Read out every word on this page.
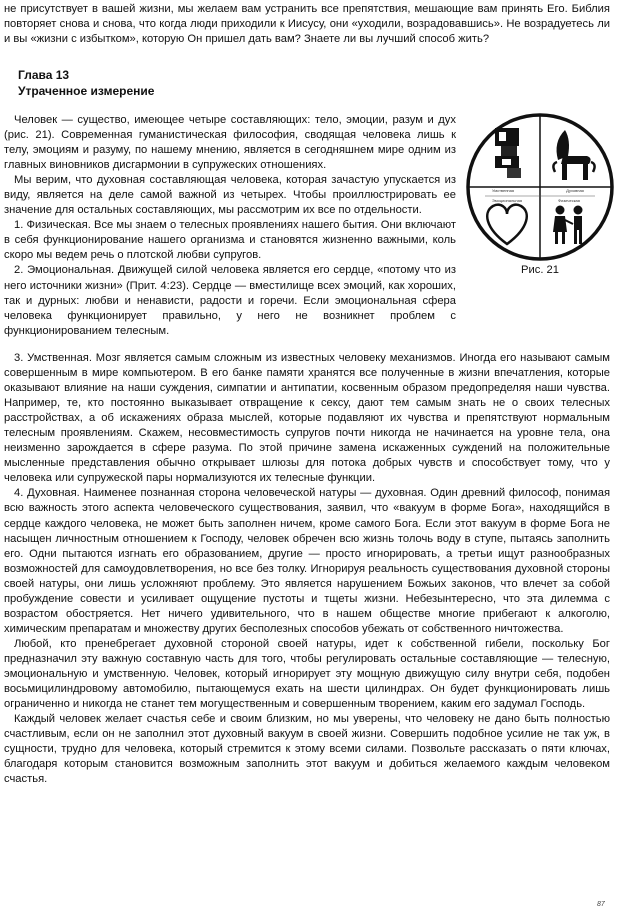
не присутствует в вашей жизни, мы желаем вам устранить все препятствия, мешающие вам принять Его. Библия повторяет снова и снова, что когда люди приходили к Иисусу, они «уходили, возрадовавшись». Не возрадуетесь ли и вы «жизни с избытком», которую Он пришел дать вам? Знаете ли вы лучший способ жить?

Глава 13
Утраченное измерение

Человек — существо, имеющее четыре составляющих: тело, эмоции, разум и дух (рис. 21). Современная гуманистическая философия, сводящая человека лишь к телу, эмоциям и разуму, по нашему мнению, является в сегодняшнем мире одним из главных виновников дисгармонии в супружеских отношениях.

Мы верим, что духовная составляющая человека, которая зачастую упускается из виду, является на деле самой важной из четырех. Чтобы проиллюстрировать ее значение для остальных составляющих, мы рассмотрим их все по отдельности.

1. Физическая. Все мы знаем о телесных проявлениях нашего бытия. Они включают в себя функционирование нашего организма и становятся жизненно важными, коль скоро мы ведем речь о плотской любви супругов.

2. Эмоциональная. Движущей силой человека является его сердце, «потому что из него источники жизни» (Прит. 4:23). Сердце — вместилище всех эмоций, как хороших, так и дурных: любви и ненависти, радости и горечи. Если эмоциональная сфера человека функционирует правильно, у него не возникнет проблем с функционированием телесным.

Умственная	Духовная
Эмоциональная	Физическая
Рис. 21

3. Умственная. Мозг является самым сложным из известных человеку механизмов. Иногда его называют самым совершенным в мире компьютером. В его банке памяти хранятся все полученные в жизни впечатления, которые оказывают влияние на наши суждения, симпатии и антипатии, косвенным образом предопределяя наши чувства. Например, те, кто постоянно выказывает отвращение к сексу, дают тем самым знать не о своих телесных расстройствах, а об искажениях образа мыслей, которые подавляют их чувства и препятствуют нормальным телесным проявлениям. Скажем, несовместимость супругов почти никогда не начинается на уровне тела, она неизменно зарождается в сфере разума. По этой причине замена искаженных суждений на положительные мысленные представления обычно открывает шлюзы для потока добрых чувств и способствует тому, что у человека или супружеской пары нормализуются их телесные функции.

4. Духовная. Наименее познанная сторона человеческой натуры — духовная. Один древний философ, понимая всю важность этого аспекта человеческого существования, заявил, что «вакуум в форме Бога», находящийся в сердце каждого человека, не может быть заполнен ничем, кроме самого Бога. Если этот вакуум в форме Бога не насыщен личностным отношением к Господу, человек обречен всю жизнь толочь воду в ступе, пытаясь заполнить его. Одни пытаются изгнать его образованием, другие — просто игнорировать, а третьи ищут разнообразных возможностей для самоудовлетворения, но все без толку. Игнорируя реальность существования духовной стороны своей натуры, они лишь усложняют проблему. Это является нарушением Божьих законов, что влечет за собой пробуждение совести и усиливает ощущение пустоты и тщеты жизни. Небезынтересно, что эта дилемма с возрастом обостряется. Нет ничего удивительного, что в нашем обществе многие прибегают к алкоголю, химическим препаратам и множеству других бесполезных способов убежать от собственного ничтожества.

Любой, кто пренебрегает духовной стороной своей натуры, идет к собственной гибели, поскольку Бог предназначил эту важную составную часть для того, чтобы регулировать остальные составляющие — телесную, эмоциональную и умственную. Человек, который игнорирует эту мощную движущую силу внутри себя, подобен восьмицилиндровому автомобилю, пытающемуся ехать на шести цилиндрах. Он будет функционировать лишь ограниченно и никогда не станет тем могущественным и совершенным творением, каким его задумал Господь.

Каждый человек желает счастья себе и своим близким, но мы уверены, что человеку не дано быть полностью счастливым, если он не заполнил этот духовный вакуум в своей жизни. Совершить подобное усилие не так уж, в сущности, трудно для человека, который стремится к этому всеми силами. Позвольте рассказать о пяти ключах, благодаря которым становится возможным заполнить этот вакуум и добиться желаемого каждым человеком счастья.

87
